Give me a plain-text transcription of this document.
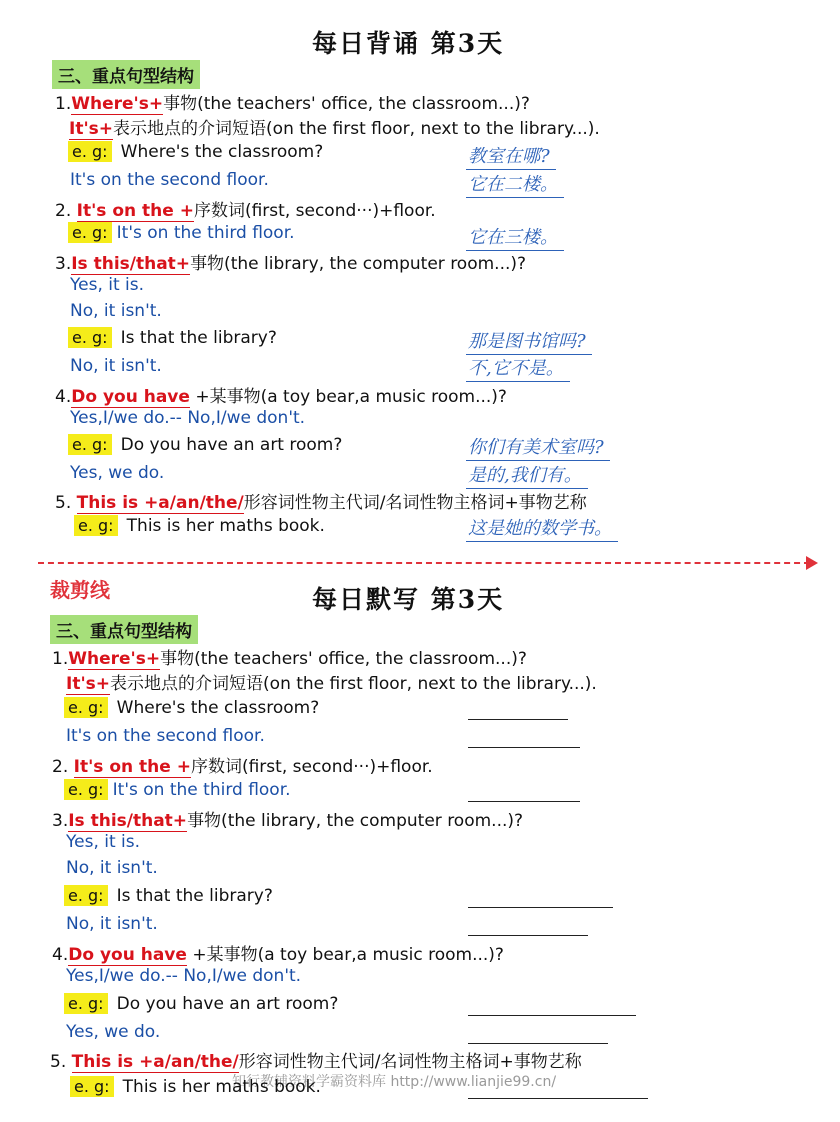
每日背诵 第3天
三、重点句型结构
1.Where's+事物(the teachers' office, the classroom...)?
It's+表示地点的介词短语(on the first floor, next to the library...).
e. g: Where's the classroom?	教室在哪?
It's on the second floor.	它在二楼。
2. It's on the +序数词(first, second···)+floor.
e. g: It's on the third floor.	它在三楼。
3.Is this/that+事物(the library, the computer room...)?
Yes, it is.
No, it isn't.
e. g: Is that the library?	那是图书馆吗?
No, it isn't.	不,它不是。
4.Do you have +某事物(a toy bear,a music room...)?
Yes,I/we do.-- No,I/we don't.
e. g: Do you have an art room?	你们有美术室吗?
Yes, we do.	是的,我们有。
5. This is +a/an/the/形容词性物主代词/名词性物主格词+事物艺称
e. g: This is her maths book.	这是她的数学书。
裁剪线	每日默写 第3天
三、重点句型结构
1.Where's+事物(the teachers' office, the classroom...)?
It's+表示地点的介词短语(on the first floor, next to the library...).
e. g: Where's the classroom?
It's on the second floor.
2. It's on the +序数词(first, second···)+floor.
e. g: It's on the third floor.
3.Is this/that+事物(the library, the computer room...)?
Yes, it is.
No, it isn't.
e. g: Is that the library?
No, it isn't.
4.Do you have +某事物(a toy bear,a music room...)?
Yes,I/we do.-- No,I/we don't.
e. g: Do you have an art room?
Yes, we do.
5. This is +a/an/the/形容词性物主代词/名词性物主格词+事物艺称
知行教辅资料学霸资料库 http://www.lianjie99.cn/
e. g: This is her maths book.
